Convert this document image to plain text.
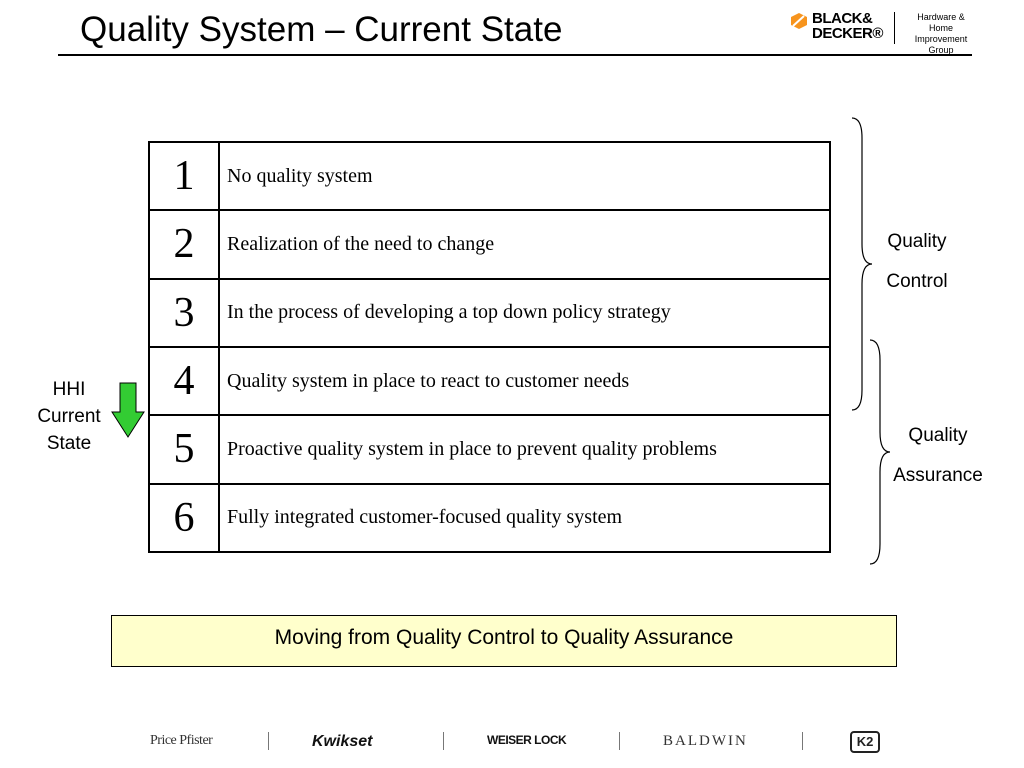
Quality System – Current State	BLACK&
DECKER®
Hardware &
Home Improvement
Group
1	No quality system
2	Realization of the need to change
3	In the process of developing a top down policy strategy
4	Quality system in place to react to customer needs
5	Proactive quality system in place to prevent quality problems
6	Fully integrated customer-focused quality system
Quality
Control
Quality
Assurance
HHI
Current
State
Moving from Quality Control to Quality Assurance
Price Pfister	Kwikset	WEISER LOCK	BALDWIN	K2
